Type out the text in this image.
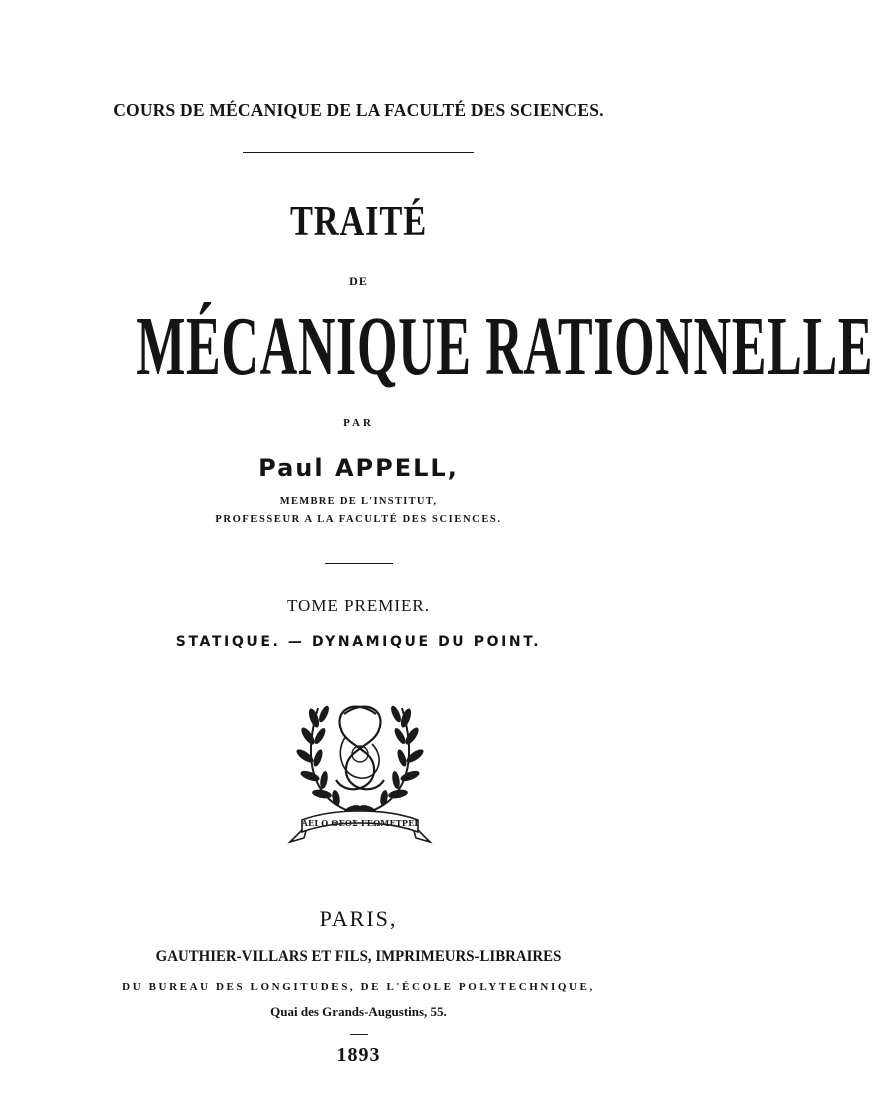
COURS DE MÉCANIQUE DE LA FACULTÉ DES SCIENCES.
TRAITÉ
DE
MÉCANIQUE RATIONNELLE
PAR
Paul APPELL,
MEMBRE DE L'INSTITUT,
PROFESSEUR A LA FACULTÉ DES SCIENCES.
TOME PREMIER.
STATIQUE. — DYNAMIQUE DU POINT.
ΑΕΙ Ο ΘΕΟΣ ΓΕΩΜΕΤΡΕΙ
PARIS,
GAUTHIER-VILLARS ET FILS, IMPRIMEURS-LIBRAIRES
DU BUREAU DES LONGITUDES, DE L'ÉCOLE POLYTECHNIQUE,
Quai des Grands-Augustins, 55.
1893
